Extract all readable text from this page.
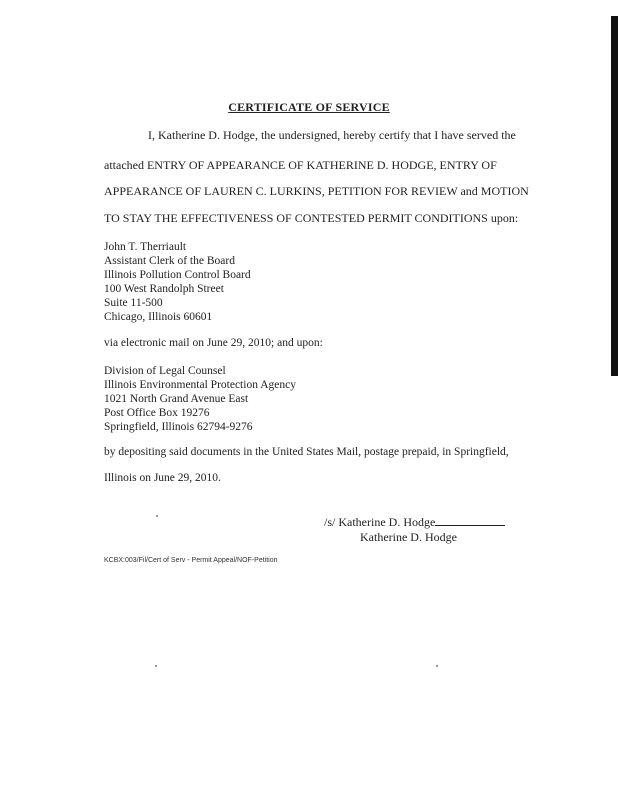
CERTIFICATE OF SERVICE
I, Katherine D. Hodge, the undersigned, hereby certify that I have served the
attached ENTRY OF APPEARANCE OF KATHERINE D. HODGE, ENTRY OF
APPEARANCE OF LAUREN C. LURKINS, PETITION FOR REVIEW and MOTION
TO STAY THE EFFECTIVENESS OF CONTESTED PERMIT CONDITIONS upon:
John T. Therriault
Assistant Clerk of the Board
Illinois Pollution Control Board
100 West Randolph Street
Suite 11-500
Chicago, Illinois 60601
via electronic mail on June 29, 2010; and upon:
Division of Legal Counsel
Illinois Environmental Protection Agency
1021 North Grand Avenue East
Post Office Box 19276
Springfield, Illinois 62794-9276
by depositing said documents in the United States Mail, postage prepaid, in Springfield,
Illinois on June 29, 2010.
/s/ Katherine D. Hodge
Katherine D. Hodge
KCBX:003/Fil/Cert of Serv - Permit Appeal/NOF-Petition
